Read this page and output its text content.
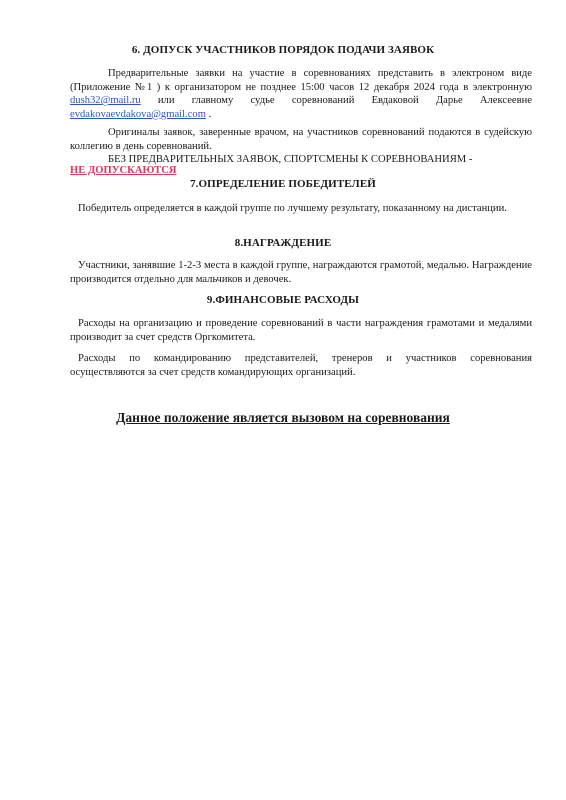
6. ДОПУСК УЧАСТНИКОВ ПОРЯДОК ПОДАЧИ ЗАЯВОК
Предварительные заявки на участие в соревнованиях представить в электроном виде (Приложение №1 ) к организатором не позднее 15:00 часов 12 декабря 2024 года в электронную dush32@mail.ru или главному судье соревнований Евдаковой Дарье Алексеевне evdakovaevdakova@gmail.com .
Оригиналы заявок, заверенные врачом, на участников соревнований подаются в судейскую коллегию в день соревнований.
БЕЗ ПРЕДВАРИТЕЛЬНЫХ ЗАЯВОК, СПОРТСМЕНЫ К СОРЕВНОВАНИЯМ -
НЕ ДОПУСКАЮТСЯ
7.ОПРЕДЕЛЕНИЕ ПОБЕДИТЕЛЕЙ
Победитель определяется в каждой группе по лучшему результату, показанному на дистанции.
8.НАГРАЖДЕНИЕ
Участники, занявшие 1-2-3 места в каждой группе, награждаются грамотой, медалью. Награждение производится отдельно для мальчиков и девочек.
9.ФИНАНСОВЫЕ РАСХОДЫ
Расходы на организацию и проведение соревнований в части награждения грамотами и медалями производит за счет средств Оргкомитета.
Расходы по командированию представителей, тренеров и участников соревнования осуществляются за счет средств командирующих организаций.
Данное положение является вызовом на соревнования
